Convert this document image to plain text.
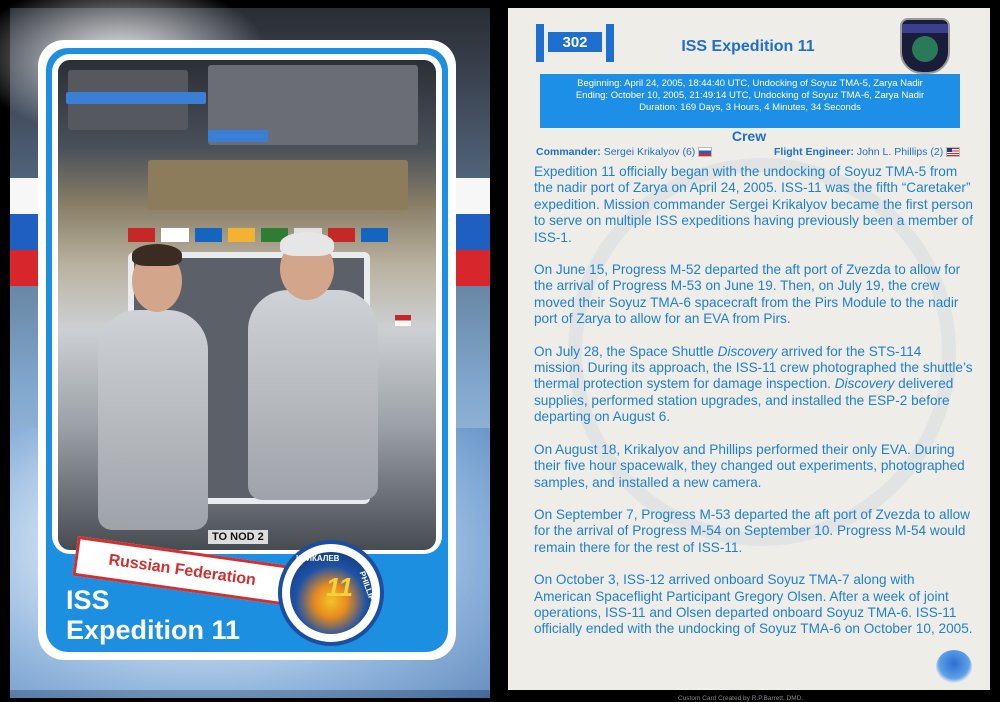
TO NOD 2
Russian Federation
ISS
Expedition 11
КРИКАЛЕВ
11 PHILLIPS
302	ISS Expedition 11
Beginning: April 24, 2005, 18:44:40 UTC, Undocking of Soyuz TMA-5, Zarya Nadir
Ending: October 10, 2005, 21:49:14 UTC, Undocking of Soyuz TMA-6, Zarya Nadir
Duration: 169 Days, 3 Hours, 4 Minutes, 34 Seconds
Crew
Commander: Sergei Krikalyov (6)	Flight Engineer: John L. Phillips (2)

Expedition 11 officially began with the undocking of Soyuz TMA-5 from the nadir port of Zarya on April 24, 2005. ISS-11 was the fifth “Caretaker” expedition. Mission commander Sergei Krikalyov became the first person to serve on multiple ISS expeditions having previously been a member of ISS-1.

On June 15, Progress M-52 departed the aft port of Zvezda to allow for the arrival of Progress M-53 on June 19. Then, on July 19, the crew moved their Soyuz TMA-6 spacecraft from the Pirs Module to the nadir port of Zarya to allow for an EVA from Pirs.

On July 28, the Space Shuttle Discovery arrived for the STS-114 mission. During its approach, the ISS-11 crew photographed the shuttle’s thermal protection system for damage inspection. Discovery delivered supplies, performed station upgrades, and installed the ESP-2 before departing on August 6.

On August 18, Krikalyov and Phillips performed their only EVA. During their five hour spacewalk, they changed out experiments, photographed samples, and installed a new camera.

On September 7, Progress M-53 departed the aft port of Zvezda to allow for the arrival of Progress M-54 on September 10. Progress M-54 would remain there for the rest of ISS-11.

On October 3, ISS-12 arrived onboard Soyuz TMA-7 along with American Spaceflight Participant Gregory Olsen. After a week of joint operations, ISS-11 and Olsen departed onboard Soyuz TMA-6. ISS-11 officially ended with the undocking of Soyuz TMA-6 on October 10, 2005.

Custom Card Created by R.P.Barrett, DMD.
